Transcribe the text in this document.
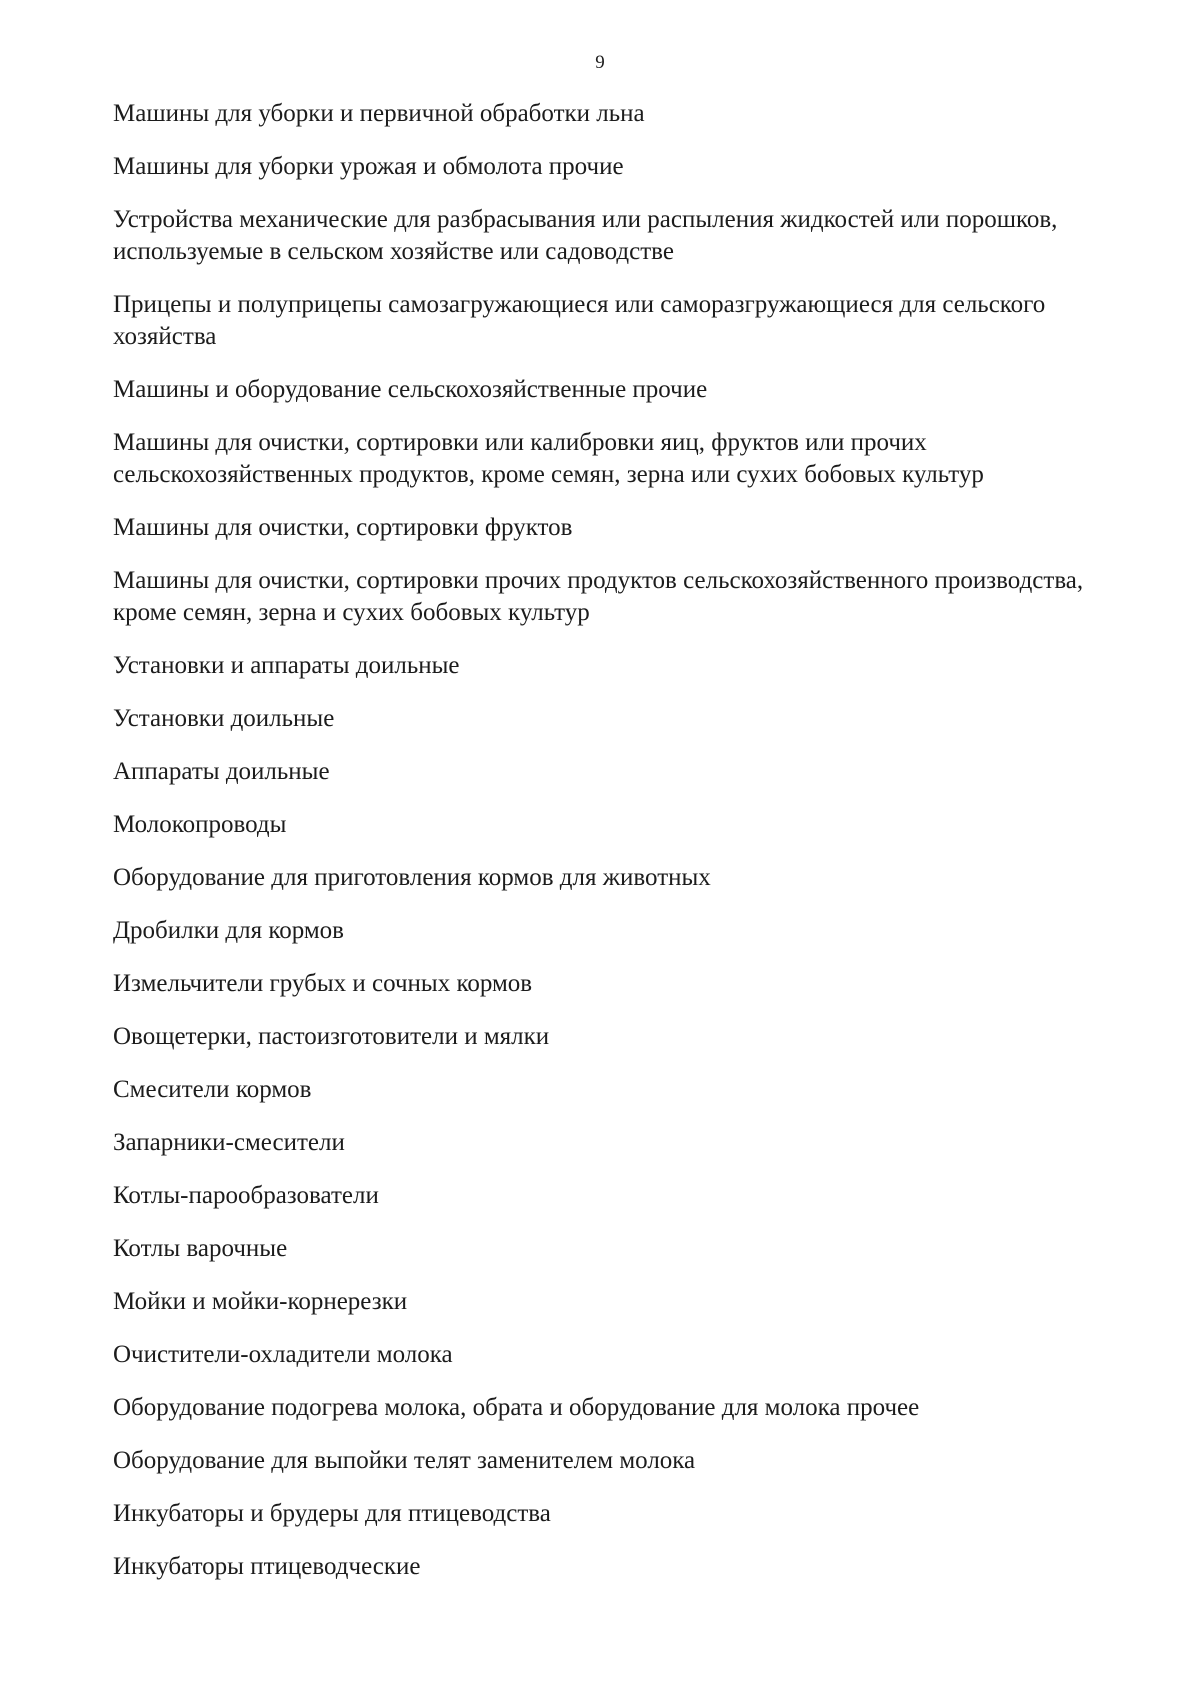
9
Машины для уборки и первичной обработки льна
Машины для уборки урожая и обмолота прочие
Устройства механические для разбрасывания или распыления жидкостей или порошков, используемые в сельском хозяйстве или садоводстве
Прицепы и полуприцепы самозагружающиеся или саморазгружающиеся для сельского хозяйства
Машины и оборудование сельскохозяйственные прочие
Машины для очистки, сортировки или калибровки яиц, фруктов или прочих сельскохозяйственных продуктов, кроме семян, зерна или сухих бобовых культур
Машины для очистки, сортировки фруктов
Машины для очистки, сортировки прочих продуктов сельскохозяйственного производства, кроме семян, зерна и сухих бобовых культур
Установки и аппараты доильные
Установки доильные
Аппараты доильные
Молокопроводы
Оборудование для приготовления кормов для животных
Дробилки для кормов
Измельчители грубых и сочных кормов
Овощетерки, пастоизготовители и мялки
Смесители кормов
Запарники-смесители
Котлы-парообразователи
Котлы варочные
Мойки и мойки-корнерезки
Очистители-охладители молока
Оборудование подогрева молока, обрата и оборудование для молока прочее
Оборудование для выпойки телят заменителем молока
Инкубаторы и брудеры для птицеводства
Инкубаторы птицеводческие
